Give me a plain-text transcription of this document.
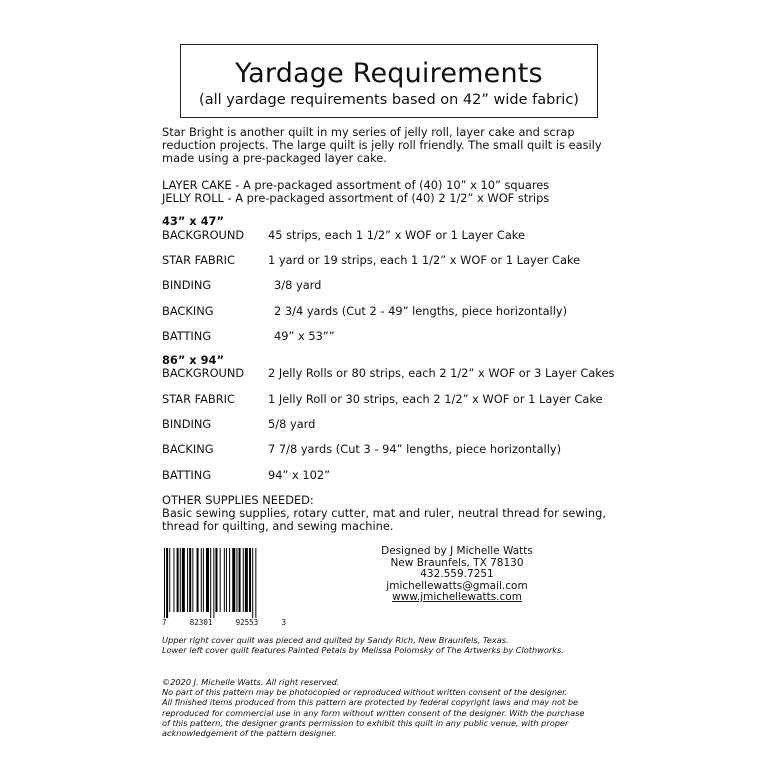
Yardage Requirements
(all yardage requirements based on 42” wide fabric)
Star Bright is another quilt in my series of jelly roll, layer cake and scrap
reduction projects. The large quilt is jelly roll friendly. The small quilt is easily
made using a pre-packaged layer cake.
LAYER CAKE - A pre-packaged assortment of (40) 10” x 10” squares
JELLY ROLL - A pre-packaged assortment of (40) 2 1/2” x WOF strips
43” x 47”
BACKGROUND 45 strips, each 1 1/2” x WOF or 1 Layer Cake
STAR FABRIC	1 yard or 19 strips, each 1 1/2” x WOF or 1 Layer Cake
BINDING	3/8 yard
BACKING	2 3/4 yards (Cut 2 - 49” lengths, piece horizontally)
BATTING	49” x 53””
86” x 94”
BACKGROUND 2 Jelly Rolls or 80 strips, each 2 1/2” x WOF or 3 Layer Cakes
STAR FABRIC	1 Jelly Roll or 30 strips, each 2 1/2” x WOF or 1 Layer Cake
BINDING	5/8 yard
BACKING	7 7/8 yards (Cut 3 - 94” lengths, piece horizontally)
BATTING	94” x 102”
OTHER SUPPLIES NEEDED:
Basic sewing supplies, rotary cutter, mat and ruler, neutral thread for sewing,
thread for quilting, and sewing machine.
7	82301	92553	3
Designed by J Michelle Watts
New Braunfels, TX 78130
432.559.7251
jmichellewatts@gmail.com
www.jmichellewatts.com
Upper right cover quilt was pieced and quilted by Sandy Rich, New Braunfels, Texas.
Lower left cover quilt features Painted Petals by Melissa Polomsky of The Artwerks by Clothworks.
©2020 J. Michelle Watts. All right reserved.
No part of this pattern may be photocopied or reproduced without written consent of the designer.
All finished items produced from this pattern are protected by federal copyright laws and may not be
reproduced for commercial use in any form without written consent of the designer. With the purchase
of this pattern, the designer grants permission to exhibit this quilt in any public venue, with proper
acknowledgement of the pattern designer.
